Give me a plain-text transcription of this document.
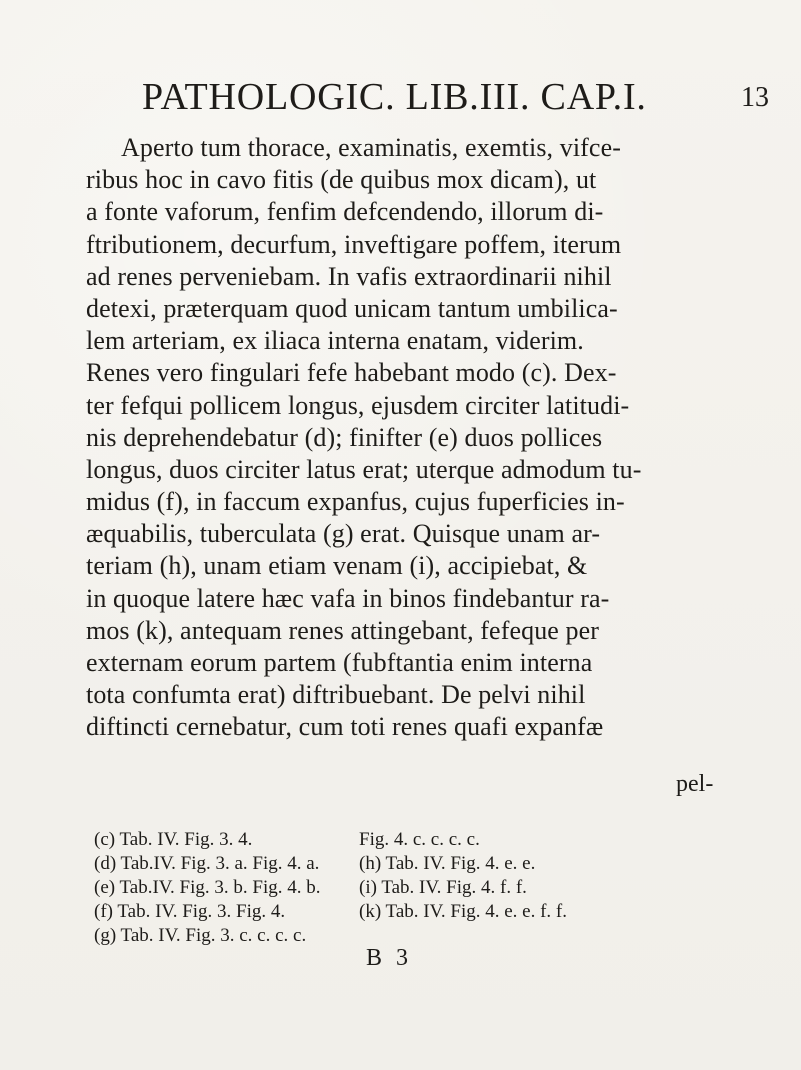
PATHOLOGIC. LIB.III. CAP.I.	13
Aperto tum thorace, examinatis, exemtis, vifce-
ribus hoc in cavo fitis (de quibus mox dicam), ut
a fonte vaforum, fenfim defcendendo, illorum di-
ftributionem, decurfum, inveftigare poffem, iterum
ad renes perveniebam. In vafis extraordinarii nihil
detexi, præterquam quod unicam tantum umbilica-
lem arteriam, ex iliaca interna enatam, viderim.
Renes vero fingulari fefe habebant modo (c). Dex-
ter fefqui pollicem longus, ejusdem circiter latitudi-
nis deprehendebatur (d); finifter (e) duos pollices
longus, duos circiter latus erat; uterque admodum tu-
midus (f), in faccum expanfus, cujus fuperficies in-
æquabilis, tuberculata (g) erat. Quisque unam ar-
teriam (h), unam etiam venam (i), accipiebat, &
in quoque latere hæc vafa in binos findebantur ra-
mos (k), antequam renes attingebant, fefeque per
externam eorum partem (fubftantia enim interna
tota confumta erat) diftribuebant. De pelvi nihil
diftincti cernebatur, cum toti renes quafi expanfæ
pel-
(c) Tab. IV. Fig. 3. 4.
(d) Tab.IV. Fig. 3. a. Fig. 4. a.
(e) Tab.IV. Fig. 3. b. Fig. 4. b.
(f) Tab. IV. Fig. 3. Fig. 4.
(g) Tab. IV. Fig. 3. c. c. c. c.
Fig. 4. c. c. c. c.
(h) Tab. IV. Fig. 4. e. e.
(i) Tab. IV. Fig. 4. f. f.
(k) Tab. IV. Fig. 4. e. e. f. f.
B 3
